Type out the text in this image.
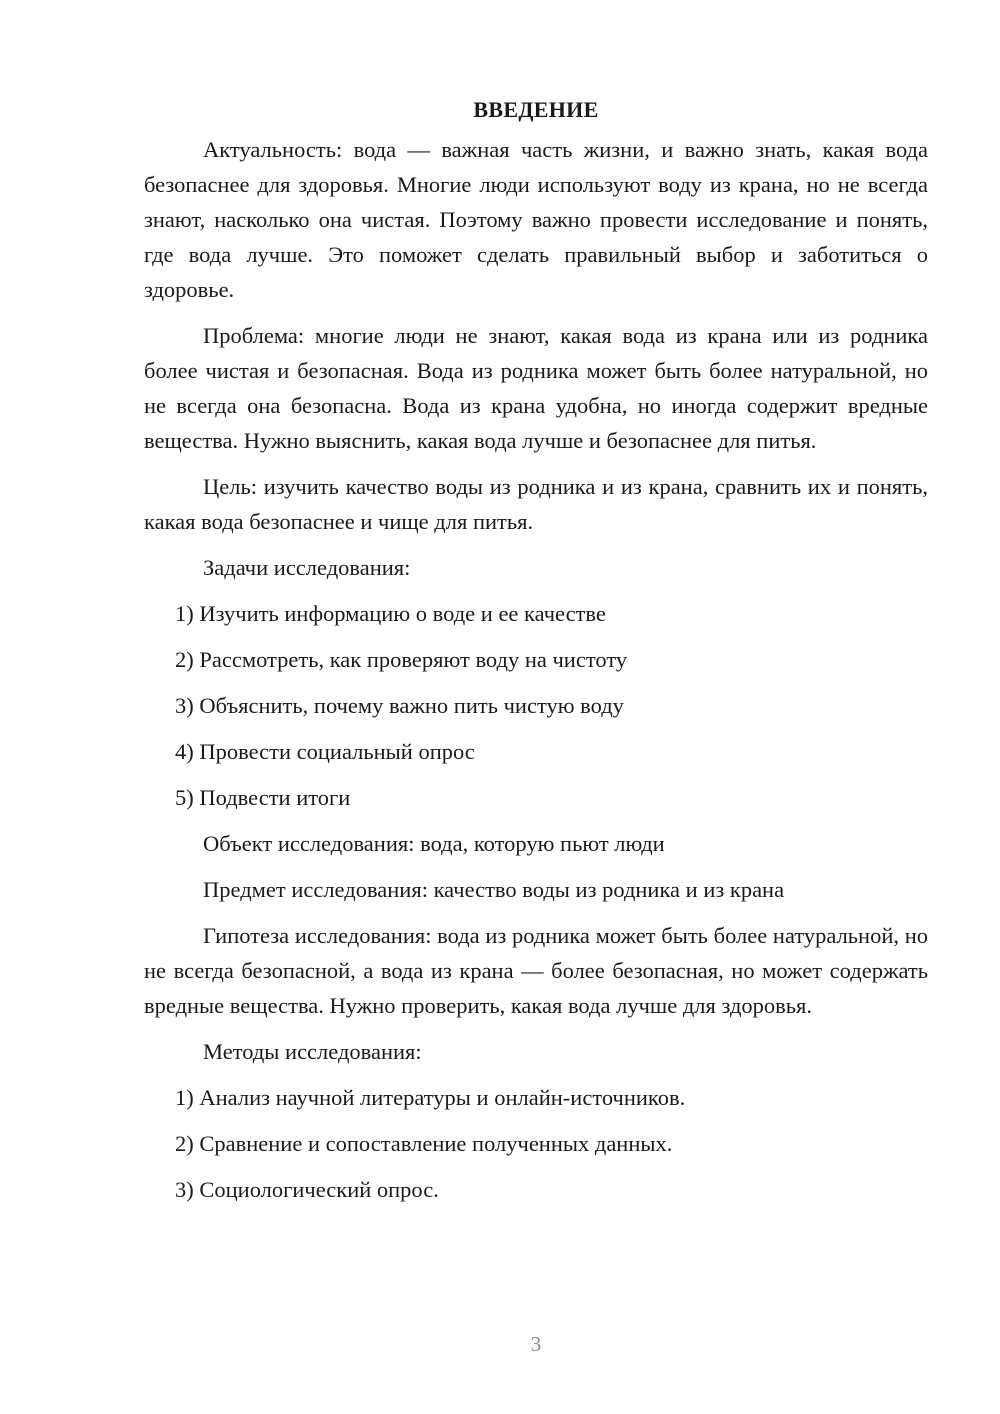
ВВЕДЕНИЕ

Актуальность: вода — важная часть жизни, и важно знать, какая вода безопаснее для здоровья. Многие люди используют воду из крана, но не всегда знают, насколько она чистая. Поэтому важно провести исследование и понять, где вода лучше. Это поможет сделать правильный выбор и заботиться о здоровье.

Проблема: многие люди не знают, какая вода из крана или из родника более чистая и безопасная. Вода из родника может быть более натуральной, но не всегда она безопасна. Вода из крана удобна, но иногда содержит вредные вещества. Нужно выяснить, какая вода лучше и безопаснее для питья.

Цель: изучить качество воды из родника и из крана, сравнить их и понять, какая вода безопаснее и чище для питья.

Задачи исследования:
1) Изучить информацию о воде и ее качестве
2) Рассмотреть, как проверяют воду на чистоту
3) Объяснить, почему важно пить чистую воду
4) Провести социальный опрос
5) Подвести итоги
Объект исследования: вода, которую пьют люди
Предмет исследования: качество воды из родника и из крана

Гипотеза исследования: вода из родника может быть более натуральной, но не всегда безопасной, а вода из крана — более безопасная, но может содержать вредные вещества. Нужно проверить, какая вода лучше для здоровья.

Методы исследования:
1) Анализ научной литературы и онлайн-источников.
2) Сравнение и сопоставление полученных данных.
3) Социологический опрос.
3
